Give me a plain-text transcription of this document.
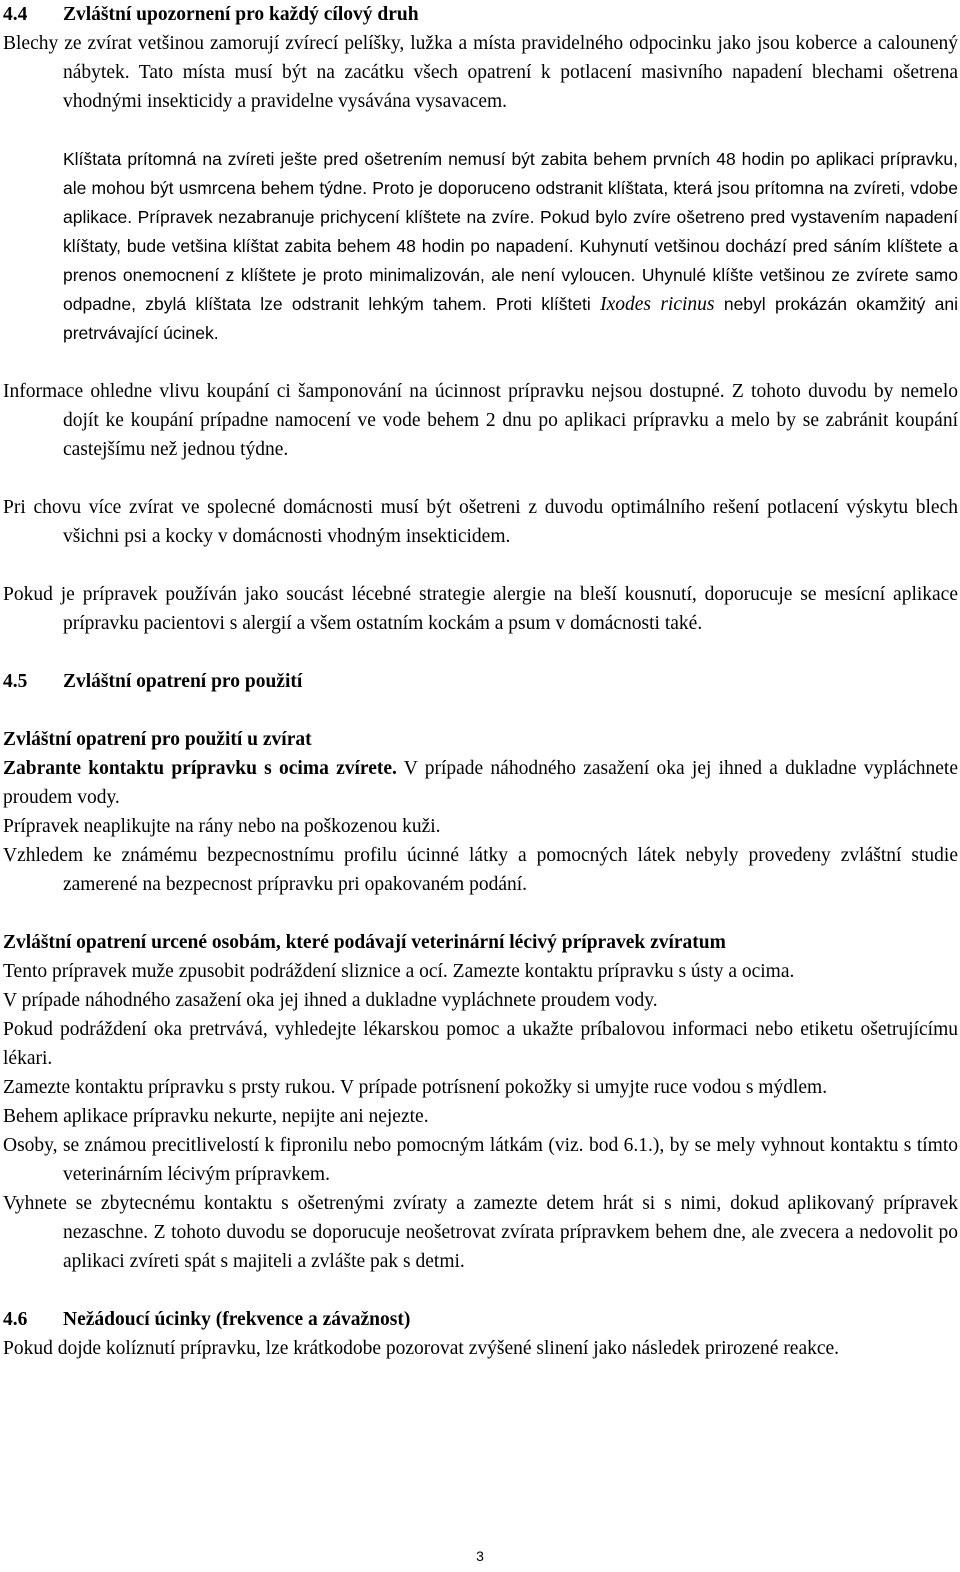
4.4	Zvláštní upozornení pro každý cílový druh

Blechy ze zvírat vetšinou zamorují zvírecí pelíšky, lužka a místa pravidelného odpocinku jako jsou koberce a calounený nábytek. Tato místa musí být na zacátku všech opatrení k potlacení masivního napadení blechami ošetrena vhodnými insekticidy a pravidelne vysávána vysavacem.

Klíštata prítomná na zvíreti ješte pred ošetrením nemusí být zabita behem prvních 48 hodin po aplikaci prípravku, ale mohou být usmrcena behem týdne. Proto je doporuceno odstranit klíštata, která jsou prítomna na zvíreti, vdobe aplikace. Prípravek nezabranuje prichycení klíštete na zvíre. Pokud bylo zvíre ošetreno pred vystavením napadení klíštaty, bude vetšina klíštat zabita behem 48 hodin po napadení. Kuhynutí vetšinou dochází pred sáním klíštete a prenos onemocnení z klíštete je proto minimalizován, ale není vyloucen. Uhynulé klíšte vetšinou ze zvírete samo odpadne, zbylá klíštata lze odstranit lehkým tahem. Proti klíšteti Ixodes ricinus nebyl prokázán okamžitý ani pretrvávající úcinek.

Informace ohledne vlivu koupání ci šamponování na úcinnost prípravku nejsou dostupné. Z tohoto duvodu by nemelo dojít ke koupání prípadne namocení ve vode behem 2 dnu po aplikaci prípravku a melo by se zabránit koupání castejšímu než jednou týdne.

Pri chovu více zvírat ve spolecné domácnosti musí být ošetreni z duvodu optimálního rešení potlacení výskytu blech všichni psi a kocky v domácnosti vhodným insekticidem.

Pokud je prípravek používán jako soucást lécebné strategie alergie na bleší kousnutí, doporucuje se mesícní aplikace prípravku pacientovi s alergií a všem ostatním kockám a psum v domácnosti také.

4.5	Zvláštní opatrení pro použití

Zvláštní opatrení pro použití u zvírat

Zabrante kontaktu prípravku s ocima zvírete. V prípade náhodného zasažení oka jej ihned a dukladne vypláchnete proudem vody.

Prípravek neaplikujte na rány nebo na poškozenou kuži.

Vzhledem ke známému bezpecnostnímu profilu úcinné látky a pomocných látek nebyly provedeny zvláštní studie zamerené na bezpecnost prípravku pri opakovaném podání.

Zvláštní opatrení urcené osobám, které podávají veterinární lécivý prípravek zvíratum

Tento prípravek muže zpusobit podráždení sliznice a ocí. Zamezte kontaktu prípravku s ústy a ocima.

V prípade náhodného zasažení oka jej ihned a dukladne vypláchnete proudem vody.

Pokud podráždení oka pretrvává, vyhledejte lékarskou pomoc a ukažte príbalovou informaci nebo etiketu ošetrujícímu lékari.

Zamezte kontaktu prípravku s prsty rukou. V prípade potrísnení pokožky si umyjte ruce vodou s mýdlem.

Behem aplikace prípravku nekurte, nepijte ani nejezte.

Osoby, se známou precitlivelostí k fipronilu nebo pomocným látkám (viz. bod 6.1.), by se mely vyhnout kontaktu s tímto veterinárním lécivým prípravkem.

Vyhnete se zbytecnému kontaktu s ošetrenými zvíraty a zamezte detem hrát si s nimi, dokud aplikovaný prípravek nezaschne. Z tohoto duvodu se doporucuje neošetrovat zvírata prípravkem behem dne, ale zvecera a nedovolit po aplikaci zvíreti spát s majiteli a zvlášte pak s detmi.

4.6	Nežádoucí úcinky (frekvence a závažnost)

Pokud dojde kolíznutí prípravku, lze krátkodobe pozorovat zvýšené slinení jako následek prirozené reakce.

3
